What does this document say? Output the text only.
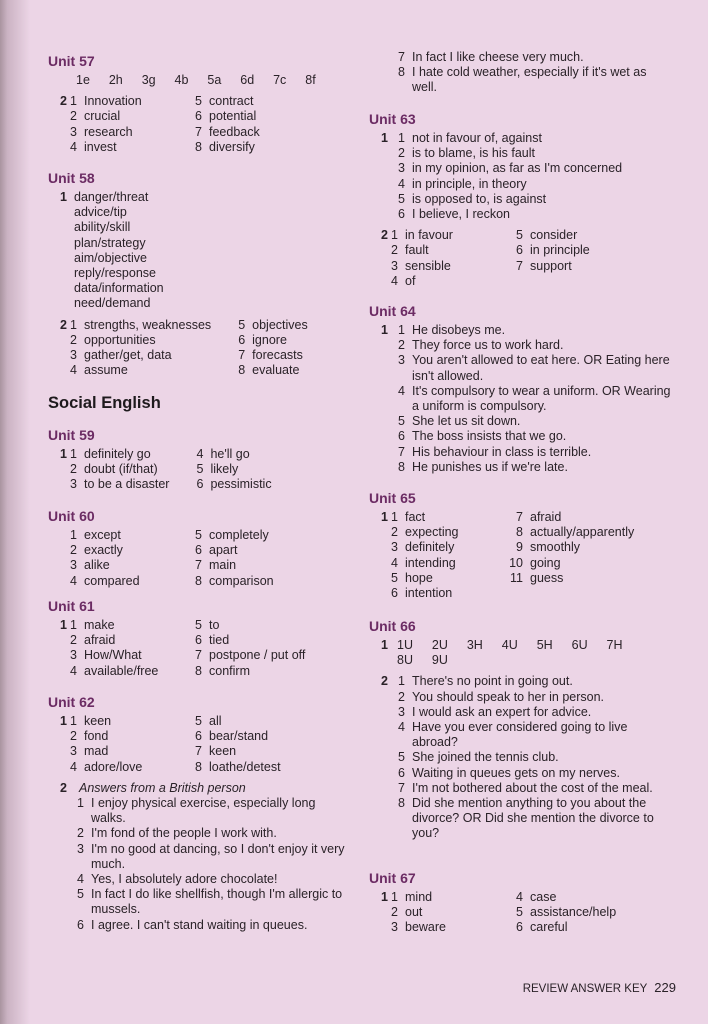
Unit 57
1e  2h  3g  4b  5a  6d  7c  8f
2 1 Innovation	5 contract
2 crucial	6 potential
3 research	7 feedback
4 invest	8 diversify
Unit 58
1 danger/threat
advice/tip
ability/skill
plan/strategy
aim/objective
reply/response
data/information
need/demand
2 1 strengths, weaknesses	5 objectives
2 opportunities	6 ignore
3 gather/get, data	7 forecasts
4 assume	8 evaluate
Social English
Unit 59
1 1 definitely go	4 he'll go
2 doubt (if/that)	5 likely
3 to be a disaster	6 pessimistic
Unit 60
1 except	5 completely
2 exactly	6 apart
3 alike	7 main
4 compared	8 comparison
Unit 61
1 1 make	5 to
2 afraid	6 tied
3 How/What	7 postpone / put off
4 available/free	8 confirm
Unit 62
1 1 keen	5 all
2 fond	6 bear/stand
3 mad	7 keen
4 adore/love	8 loathe/detest
2 Answers from a British person
1 I enjoy physical exercise, especially long walks.
2 I'm fond of the people I work with.
3 I'm no good at dancing, so I don't enjoy it very much.
4 Yes, I absolutely adore chocolate!
5 In fact I do like shellfish, though I'm allergic to mussels.
6 I agree. I can't stand waiting in queues.
7 In fact I like cheese very much.
8 I hate cold weather, especially if it's wet as well.
Unit 63
1 1 not in favour of, against
2 is to blame, is his fault
3 in my opinion, as far as I'm concerned
4 in principle, in theory
5 is opposed to, is against
6 I believe, I reckon
2 1 in favour	5 consider
2 fault	6 in principle
3 sensible	7 support
4 of
Unit 64
1 1 He disobeys me.
2 They force us to work hard.
3 You aren't allowed to eat here. OR Eating here isn't allowed.
4 It's compulsory to wear a uniform. OR Wearing a uniform is compulsory.
5 She let us sit down.
6 The boss insists that we go.
7 His behaviour in class is terrible.
8 He punishes us if we're late.
Unit 65
1 1 fact	7 afraid
2 expecting	8 actually/apparently
3 definitely	9 smoothly
4 intending	10 going
5 hope	11 guess
6 intention
Unit 66
1 1U  2U  3H  4U  5H  6U  7H
8U  9U
2 1 There's no point in going out.
2 You should speak to her in person.
3 I would ask an expert for advice.
4 Have you ever considered going to live abroad?
5 She joined the tennis club.
6 Waiting in queues gets on my nerves.
7 I'm not bothered about the cost of the meal.
8 Did she mention anything to you about the divorce? OR Did she mention the divorce to you?
Unit 67
1 1 mind	4 case
2 out	5 assistance/help
3 beware	6 careful
REVIEW ANSWER KEY 229
